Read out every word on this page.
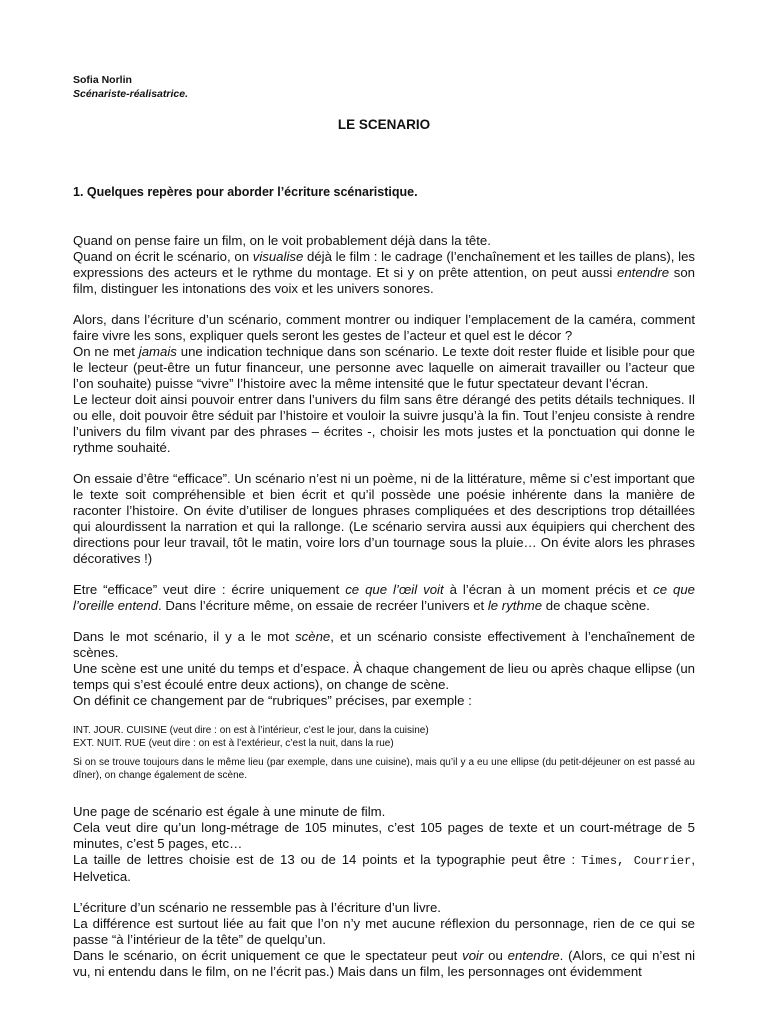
Sofia Norlin
Scénariste-réalisatrice.
LE SCENARIO
1. Quelques repères pour aborder l’écriture scénaristique.
Quand on pense faire un film, on le voit probablement déjà dans la tête.
Quand on écrit le scénario, on visualise déjà le film : le cadrage (l’enchaînement et les tailles de plans), les expressions des acteurs et le rythme du montage. Et si y on prête attention, on peut aussi entendre son film, distinguer les intonations des voix et les univers sonores.
Alors, dans l’écriture d’un scénario, comment montrer ou indiquer l’emplacement de la caméra, comment faire vivre les sons, expliquer quels seront les gestes de l’acteur et quel est le décor ?
On ne met jamais une indication technique dans son scénario. Le texte doit rester fluide et lisible pour que le lecteur (peut-être un futur financeur, une personne avec laquelle on aimerait travailler ou l’acteur que l’on souhaite) puisse “vivre” l’histoire avec la même intensité que le futur spectateur devant l’écran.
Le lecteur doit ainsi pouvoir entrer dans l’univers du film sans être dérangé des petits détails techniques. Il ou elle, doit pouvoir être séduit par l’histoire et vouloir la suivre jusqu’à la fin. Tout l’enjeu consiste à rendre l’univers du film vivant par des phrases – écrites -, choisir les mots justes et la ponctuation qui donne le rythme souhaité.
On essaie d’être “efficace”. Un scénario n’est ni un poème, ni de la littérature, même si c’est important que le texte soit compréhensible et bien écrit et qu’il possède une poésie inhérente dans la manière de raconter l’histoire. On évite d’utiliser de longues phrases compliquées et des descriptions trop détaillées qui alourdissent la narration et qui la rallonge. (Le scénario servira aussi aux équipiers qui cherchent des directions pour leur travail, tôt le matin, voire lors d’un tournage sous la pluie… On évite alors les phrases décoratives !)
Etre “efficace” veut dire : écrire uniquement ce que l’œil voit à l’écran à un moment précis et ce que l’oreille entend. Dans l’écriture même, on essaie de recréer l’univers et le rythme de chaque scène.
Dans le mot scénario, il y a le mot scène, et un scénario consiste effectivement à l’enchaînement de scènes.
Une scène est une unité du temps et d’espace. À chaque changement de lieu ou après chaque ellipse (un temps qui s’est écoulé entre deux actions), on change de scène.
On définit ce changement par de “rubriques” précises, par exemple :
INT. JOUR. CUISINE (veut dire : on est à l’intérieur, c’est le jour, dans la cuisine)
EXT. NUIT. RUE (veut dire : on est à l’extérieur, c’est la nuit, dans la rue)
Si on se trouve toujours dans le même lieu (par exemple, dans une cuisine), mais qu’il y a eu une ellipse (du petit-déjeuner on est passé au dîner), on change également de scène.
Une page de scénario est égale à une minute de film.
Cela veut dire qu’un long-métrage de 105 minutes, c’est 105 pages de texte et un court-métrage de 5 minutes, c’est 5 pages, etc…
La taille de lettres choisie est de 13 ou de 14 points et la typographie peut être : Times, Courrier, Helvetica.
L’écriture d’un scénario ne ressemble pas à l’écriture d’un livre.
La différence est surtout liée au fait que l’on n’y met aucune réflexion du personnage, rien de ce qui se passe “à l’intérieur de la tête” de quelqu’un.
Dans le scénario, on écrit uniquement ce que le spectateur peut voir ou entendre. (Alors, ce qui n’est ni vu, ni entendu dans le film, on ne l’écrit pas.) Mais dans un film, les personnages ont évidemment
